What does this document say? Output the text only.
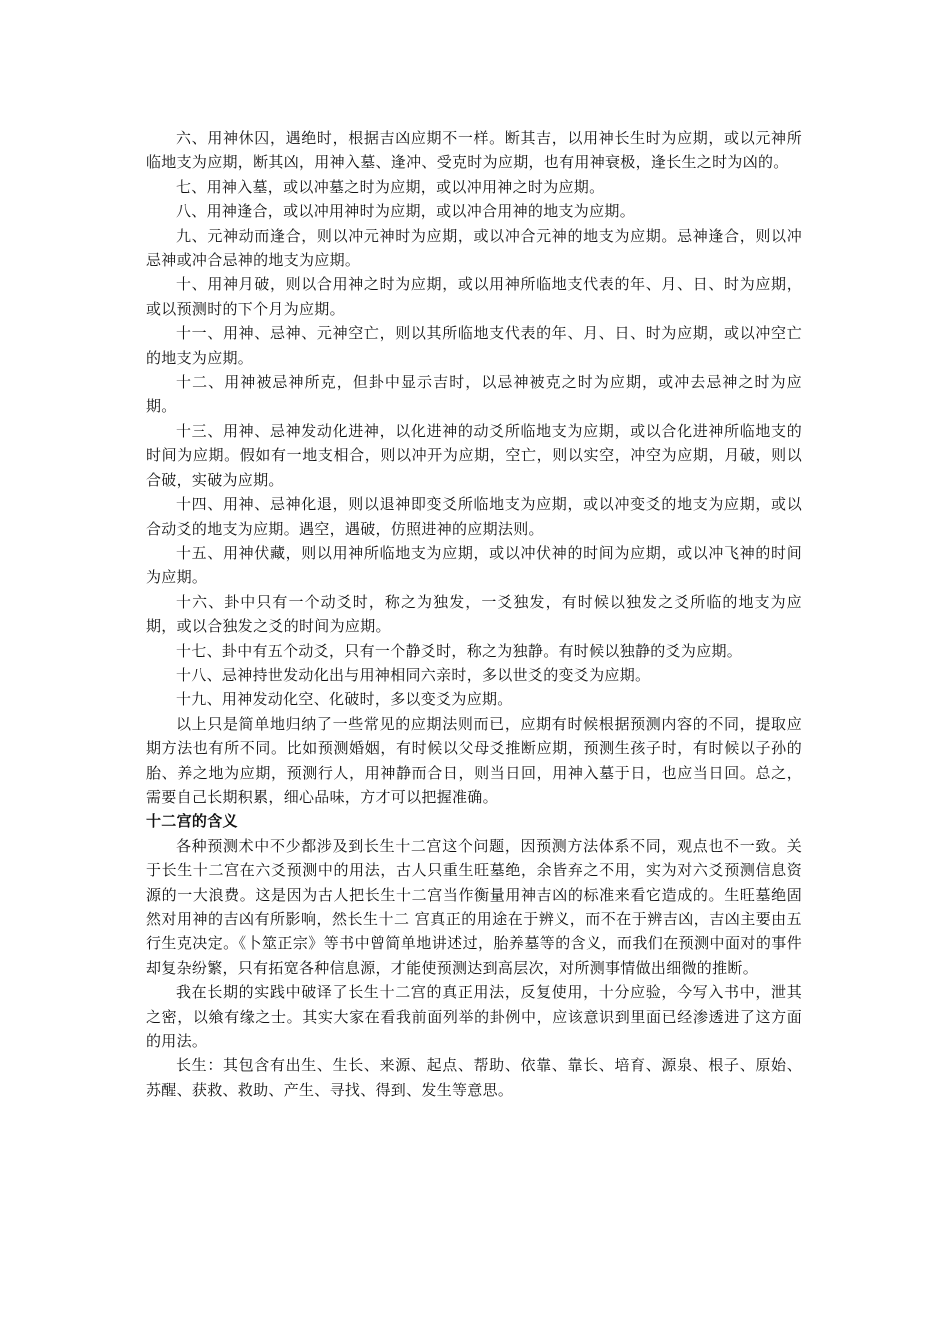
六、用神休囚，遇绝时，根据吉凶应期不一样。断其吉，以用神长生时为应期，或以元神所临地支为应期，断其凶，用神入墓、逢冲、受克时为应期，也有用神衰极，逢长生之时为凶的。

七、用神入墓，或以冲墓之时为应期，或以冲用神之时为应期。

八、用神逢合，或以冲用神时为应期，或以冲合用神的地支为应期。

九、元神动而逢合，则以冲元神时为应期，或以冲合元神的地支为应期。忌神逢合，则以冲忌神或冲合忌神的地支为应期。

十、用神月破，则以合用神之时为应期，或以用神所临地支代表的年、月、日、时为应期，或以预测时的下个月为应期。

十一、用神、忌神、元神空亡，则以其所临地支代表的年、月、日、时为应期，或以冲空亡的地支为应期。

十二、用神被忌神所克，但卦中显示吉时，以忌神被克之时为应期，或冲去忌神之时为应期。

十三、用神、忌神发动化进神，以化进神的动爻所临地支为应期，或以合化进神所临地支的时间为应期。假如有一地支相合，则以冲开为应期，空亡，则以实空，冲空为应期，月破，则以合破，实破为应期。

十四、用神、忌神化退，则以退神即变爻所临地支为应期，或以冲变爻的地支为应期，或以合动爻的地支为应期。遇空，遇破，仿照进神的应期法则。

十五、用神伏藏，则以用神所临地支为应期，或以冲伏神的时间为应期，或以冲飞神的时间为应期。

十六、卦中只有一个动爻时，称之为独发，一爻独发，有时候以独发之爻所临的地支为应期，或以合独发之爻的时间为应期。

十七、卦中有五个动爻，只有一个静爻时，称之为独静。有时候以独静的爻为应期。

十八、忌神持世发动化出与用神相同六亲时，多以世爻的变爻为应期。

十九、用神发动化空、化破时，多以变爻为应期。

以上只是简单地归纳了一些常见的应期法则而已，应期有时候根据预测内容的不同，提取应期方法也有所不同。比如预测婚姻，有时候以父母爻推断应期，预测生孩子时，有时候以子孙的胎、养之地为应期，预测行人，用神静而合日，则当日回，用神入墓于日，也应当日回。总之，需要自己长期积累，细心品味，方才可以把握准确。

十二宫的含义

各种预测术中不少都涉及到长生十二宫这个问题，因预测方法体系不同，观点也不一致。关于长生十二宫在六爻预测中的用法，古人只重生旺墓绝，余皆弃之不用，实为对六爻预测信息资源的一大浪费。这是因为古人把长生十二宫当作衡量用神吉凶的标准来看它造成的。生旺墓绝固然对用神的吉凶有所影响，然长生十二 宫真正的用途在于辨义，而不在于辨吉凶，吉凶主要由五行生克决定。《卜筮正宗》等书中曾简单地讲述过，胎养墓等的含义，而我们在预测中面对的事件却复杂纷繁，只有拓宽各种信息源，才能使预测达到高层次，对所测事情做出细微的推断。

我在长期的实践中破译了长生十二宫的真正用法，反复使用，十分应验，今写入书中，泄其之密，以飨有缘之士。其实大家在看我前面列举的卦例中，应该意识到里面已经渗透进了这方面的用法。

长生：其包含有出生、生长、来源、起点、帮助、依靠、靠长、培育、源泉、根子、原始、苏醒、获救、救助、产生、寻找、得到、发生等意思。
